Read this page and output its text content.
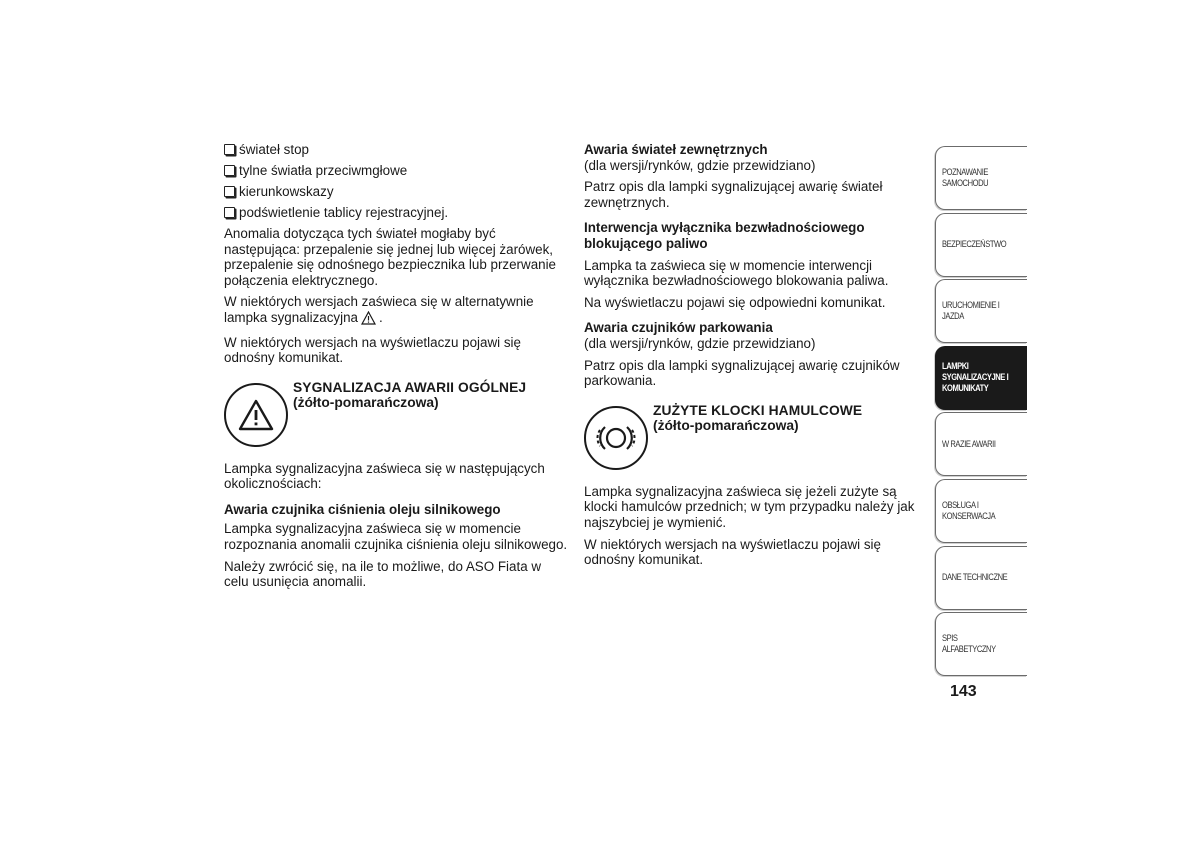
świateł stop

tylne światła przeciwmgłowe

kierunkowskazy

podświetlenie tablicy rejestracyjnej.

Anomalia dotycząca tych świateł mogłaby być następująca: przepalenie się jednej lub więcej żarówek, przepalenie się odnośnego bezpiecznika lub przerwanie połączenia elektrycznego.

W niektórych wersjach zaświeca się w alternatywnie lampka sygnalizacyjna .

W niektórych wersjach na wyświetlaczu pojawi się odnośny komunikat.

SYGNALIZACJA AWARII OGÓLNEJ
(żółto-pomarańczowa)

Lampka sygnalizacyjna zaświeca się w następujących okolicznościach:

Awaria czujnika ciśnienia oleju silnikowego

Lampka sygnalizacyjna zaświeca się w momencie rozpoznania anomalii czujnika ciśnienia oleju silnikowego.

Należy zwrócić się, na ile to możliwe, do ASO Fiata w celu usunięcia anomalii.

Awaria świateł zewnętrznych

(dla wersji/rynków, gdzie przewidziano)

Patrz opis dla lampki sygnalizującej awarię świateł zewnętrznych.

Interwencja wyłącznika bezwładnościowego blokującego paliwo

Lampka ta zaświeca się w momencie interwencji wyłącznika bezwładnościowego blokowania paliwa.

Na wyświetlaczu pojawi się odpowiedni komunikat.

Awaria czujników parkowania

(dla wersji/rynków, gdzie przewidziano)

Patrz opis dla lampki sygnalizującej awarię czujników parkowania.

ZUŻYTE KLOCKI HAMULCOWE
(żółto-pomarańczowa)

Lampka sygnalizacyjna zaświeca się jeżeli zużyte są klocki hamulców przednich; w tym przypadku należy jak najszybciej je wymienić.

W niektórych wersjach na wyświetlaczu pojawi się odnośny komunikat.

POZNAWANIE SAMOCHODU
BEZPIECZEŃSTWO
URUCHOMIENIE I JAZDA
LAMPKI SYGNALIZACYJNE I KOMUNIKATY
W RAZIE AWARII
OBSŁUGA I KONSERWACJA
DANE TECHNICZNE
SPIS ALFABETYCZNY
143
